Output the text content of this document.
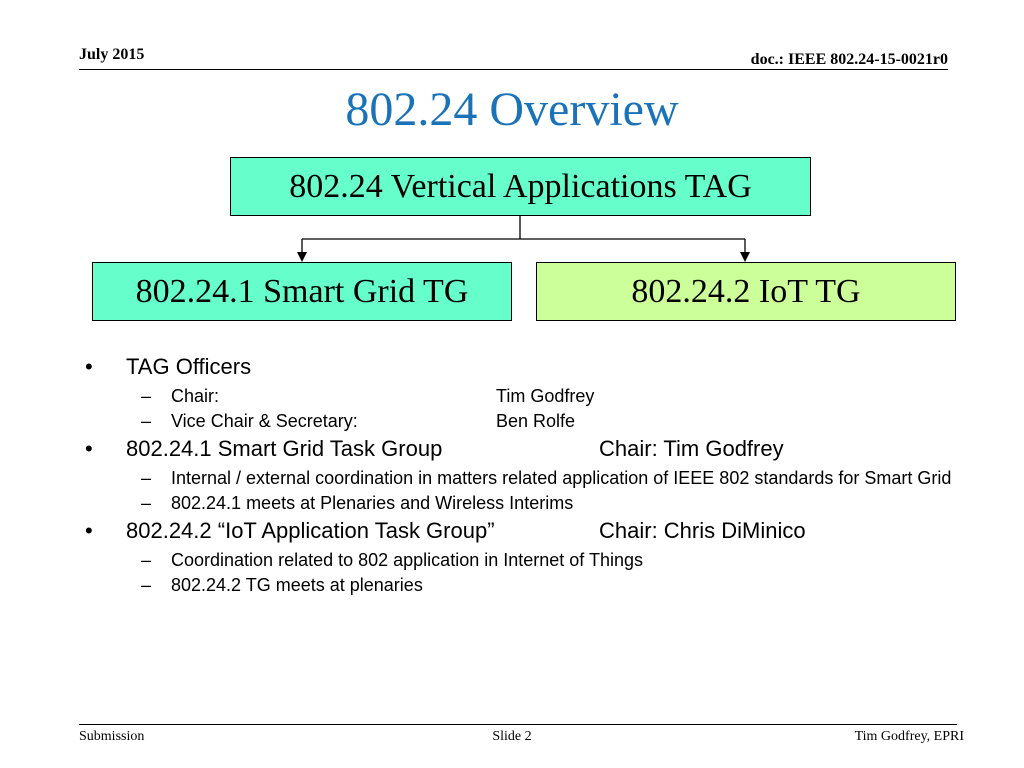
July 2015	doc.: IEEE 802.24-15-0021r0
802.24 Overview
802.24 Vertical Applications TAG
802.24.1 Smart Grid TG	802.24.2 IoT TG
• TAG Officers
– Chair:	Tim Godfrey
– Vice Chair & Secretary:	Ben Rolfe
• 802.24.1 Smart Grid Task Group	Chair: Tim Godfrey
– Internal / external coordination in matters related application of IEEE 802 standards for Smart Grid
– 802.24.1 meets at Plenaries and Wireless Interims
• 802.24.2 “IoT Application Task Group”	Chair: Chris DiMinico
– Coordination related to 802 application in Internet of Things
– 802.24.2 TG meets at plenaries
Submission	Slide 2	Tim Godfrey, EPRI
